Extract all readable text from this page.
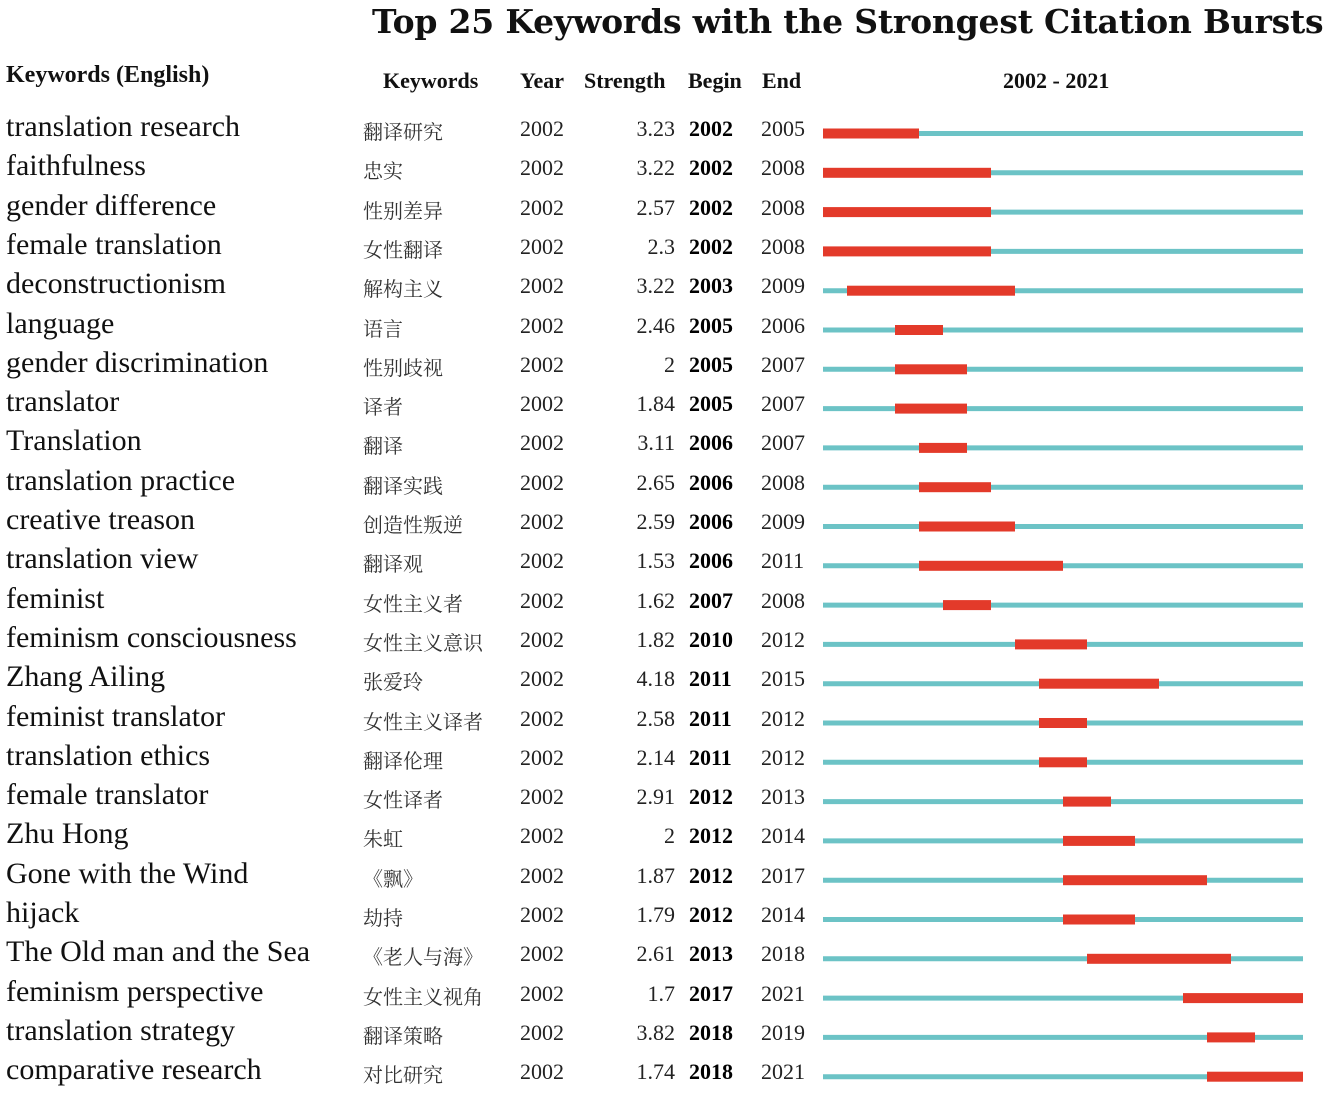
Top 25 Keywords with the Strongest Citation Bursts
Keywords (English)	Keywords Year Strength Begin End	2002 - 2021
translation research	翻译研究	2002	3.23 2002 2005
faithfulness	忠实	2002	3.22 2002 2008
gender difference	性别差异	2002	2.57 2002 2008
female translation	女性翻译	2002	2.3 2002 2008
deconstructionism	解构主义	2002	3.22 2003 2009
language	语言	2002	2.46 2005 2006
gender discrimination	性别歧视	2002	2 2005 2007
translator	译者	2002	1.84 2005 2007
Translation	翻译	2002	3.11 2006 2007
translation practice	翻译实践	2002	2.65 2006 2008
creative treason	创造性叛逆	2002	2.59 2006 2009
translation view	翻译观	2002	1.53 2006 2011
feminist	女性主义者	2002	1.62 2007 2008
feminism consciousness	女性主义意识 2002	1.82 2010 2012
Zhang Ailing	张爱玲	2002	4.18 2011 2015
feminist translator	女性主义译者 2002	2.58 2011 2012
translation ethics	翻译伦理	2002	2.14 2011 2012
female translator	女性译者	2002	2.91 2012 2013
Zhu Hong	朱虹	2002	2 2012 2014
Gone with the Wind	《飘》	2002	1.87 2012 2017
hijack	劫持	2002	1.79 2012 2014
The Old man and the Sea	《老人与海》 2002	2.61 2013 2018
feminism perspective	女性主义视角 2002	1.7 2017 2021
translation strategy	翻译策略	2002	3.82 2018 2019
comparative research	对比研究	2002	1.74 2018 2021
